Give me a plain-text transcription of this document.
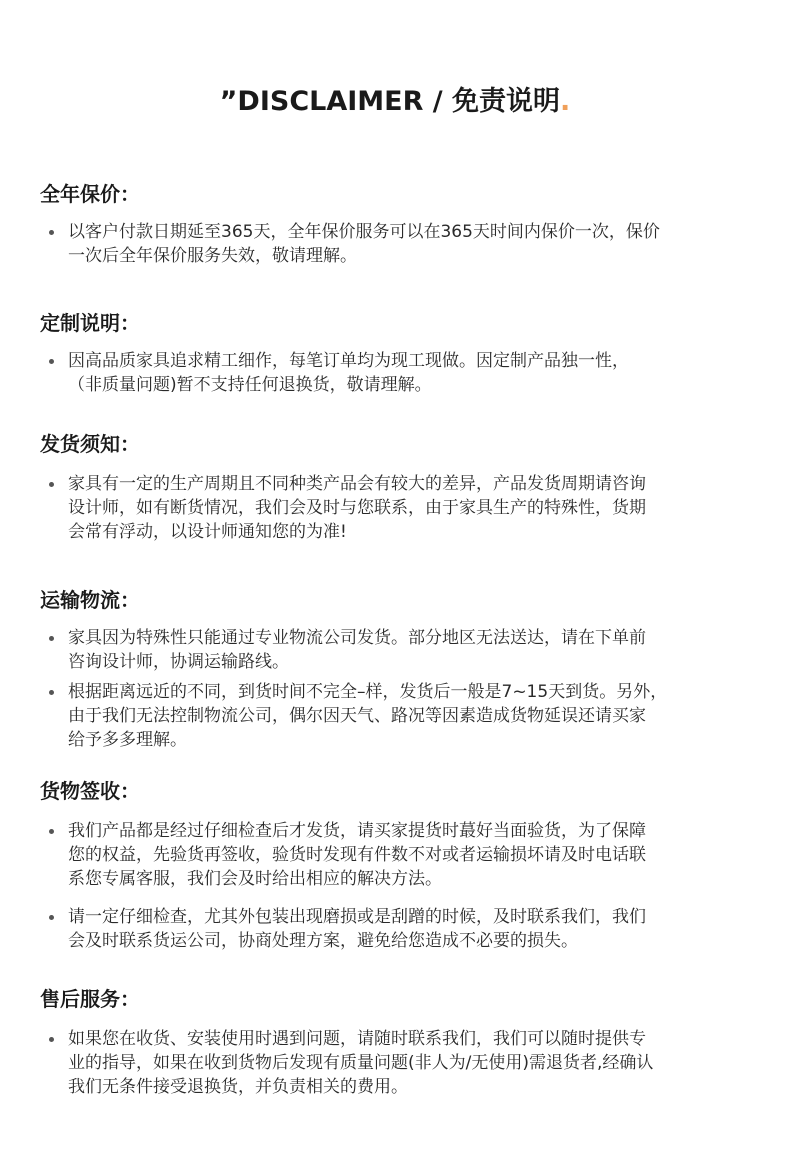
”DISCLAIMER / 免责说明.
全年保价：
以客户付款日期延至365天，全年保价服务可以在365天时间内保价一次，保价
一次后全年保价服务失效，敬请理解。
定制说明：
因高品质家具追求精工细作，每笔订单均为现工现做。因定制产品独一性，
（非质量问题)暂不支持任何退换货，敬请理解。
发货须知：
家具有一定的生产周期且不同种类产品会有较大的差异，产品发货周期请咨询
设计师，如有断货情况，我们会及时与您联系，由于家具生产的特殊性，货期
会常有浮动，以设计师通知您的为准!
运输物流：
家具因为特殊性只能通过专业物流公司发货。部分地区无法送达，请在下单前
咨询设计师，协调运输路线。
根据距离远近的不同，到货时间不完全–样，发货后一般是7~15天到货。另外，
由于我们无法控制物流公司，偶尔因天气、路况等因素造成货物延误还请买家
给予多多理解。
货物签收：
我们产品都是经过仔细检查后才发货，请买家提货时蕞好当面验货，为了保障
您的权益，先验货再签收，验货时发现有件数不对或者运输损坏请及时电话联
系您专属客服，我们会及时给出相应的解决方法。
请一定仔细检查，尤其外包装出现磨损或是刮蹭的时候，及时联系我们，我们
会及时联系货运公司，协商处理方案，避免给您造成不必要的损失。
售后服务：
如果您在收货、安装使用时遇到问题，请随时联系我们，我们可以随时提供专
业的指导，如果在收到货物后发现有质量问题(非人为/无使用)需退货者,经确认
我们无条件接受退换货，并负责相关的费用。
